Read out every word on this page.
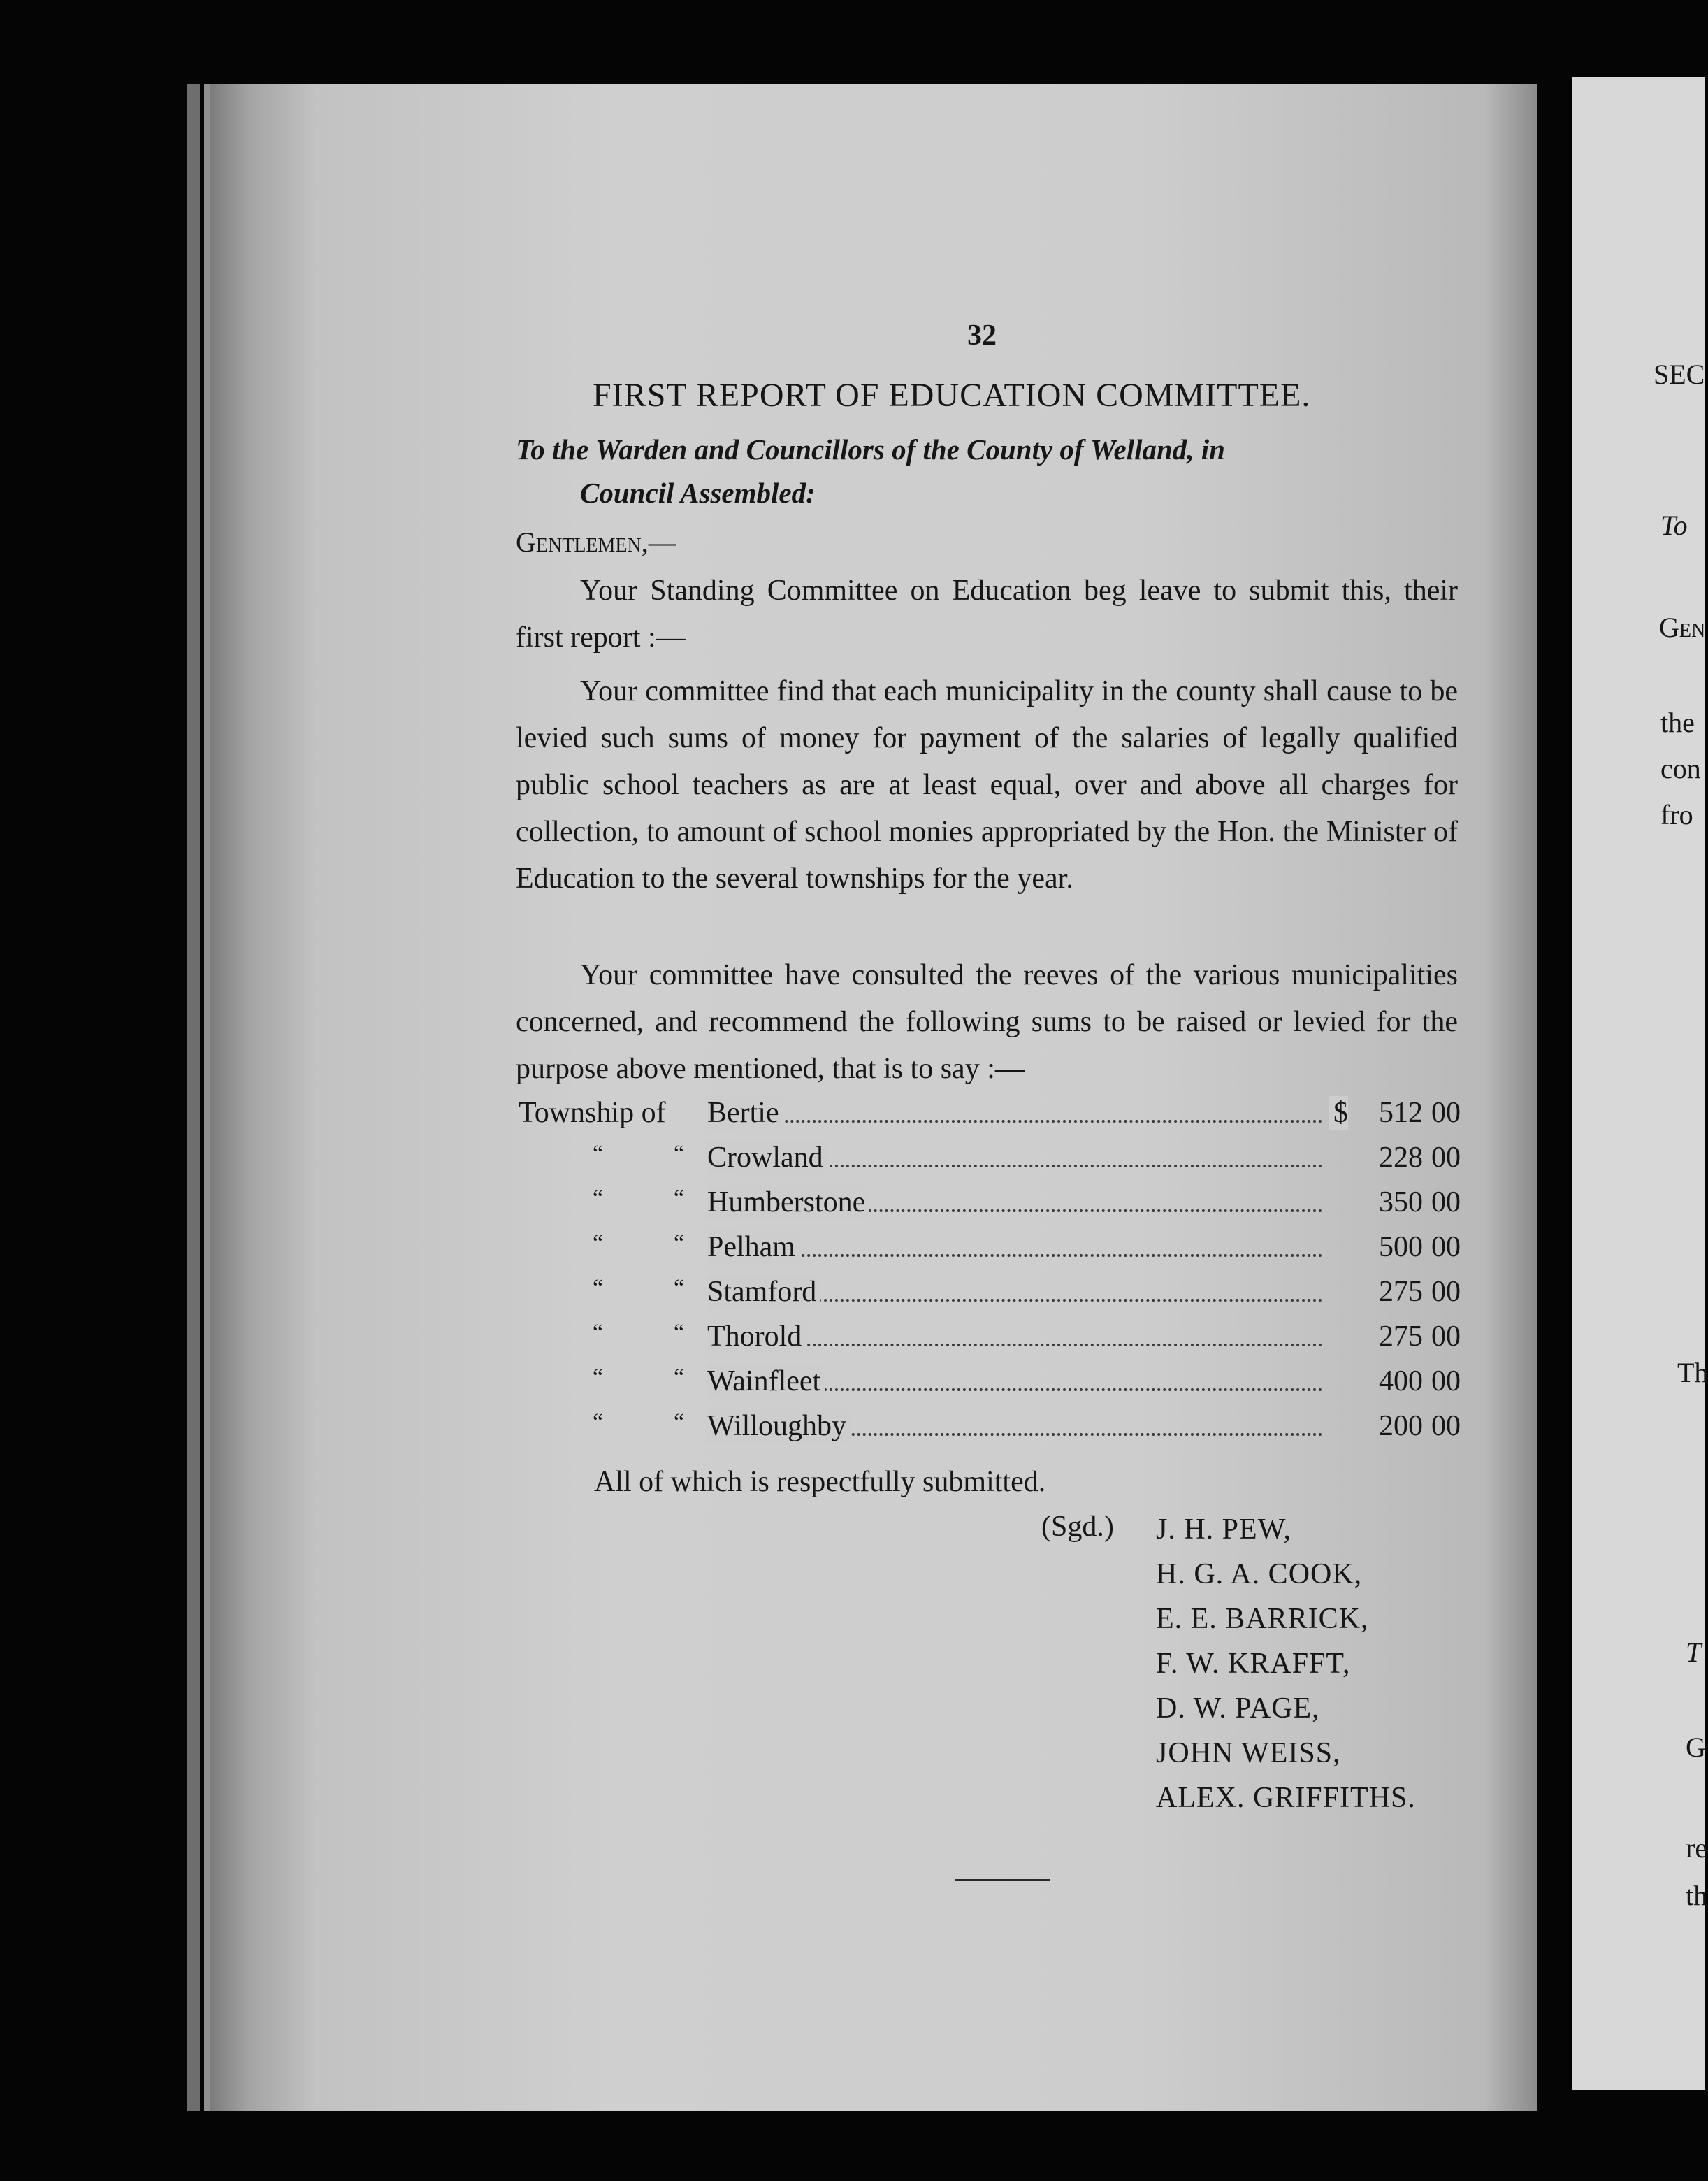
32
FIRST REPORT OF EDUCATION COMMITTEE.
To the Warden and Councillors of the County of Welland, in
Council Assembled:
Gentlemen,—
Your Standing Committee on Education beg leave to submit this, their first report :—
Your committee find that each municipality in the county shall cause to be levied such sums of money for payment of the salaries of legally qualified public school teachers as are at least equal, over and above all charges for collection, to amount of school monies appropriated by the Hon. the Minister of Education to the several townships for the year.
Your committee have consulted the reeves of the various municipalities concerned, and recommend the following sums to be raised or levied for the purpose above mentioned, that is to say :—
Township of	Bertie	$	512 00
“	“ Crowland	228 00
“	“ Humberstone	350 00
“	“ Pelham	500 00
“	“ Stamford	275 00
“	“ Thorold	275 00
“	“ Wainfleet	400 00
“	“ Willoughby	200 00
All of which is respectfully submitted.
(Sgd.) J. H. PEW,
H. G. A. COOK,
E. E. BARRICK,
F. W. KRAFFT,
D. W. PAGE,
JOHN WEISS,
ALEX. GRIFFITHS.
SEC
To
Gen
the
con
fro
Th
T
G
re
th
